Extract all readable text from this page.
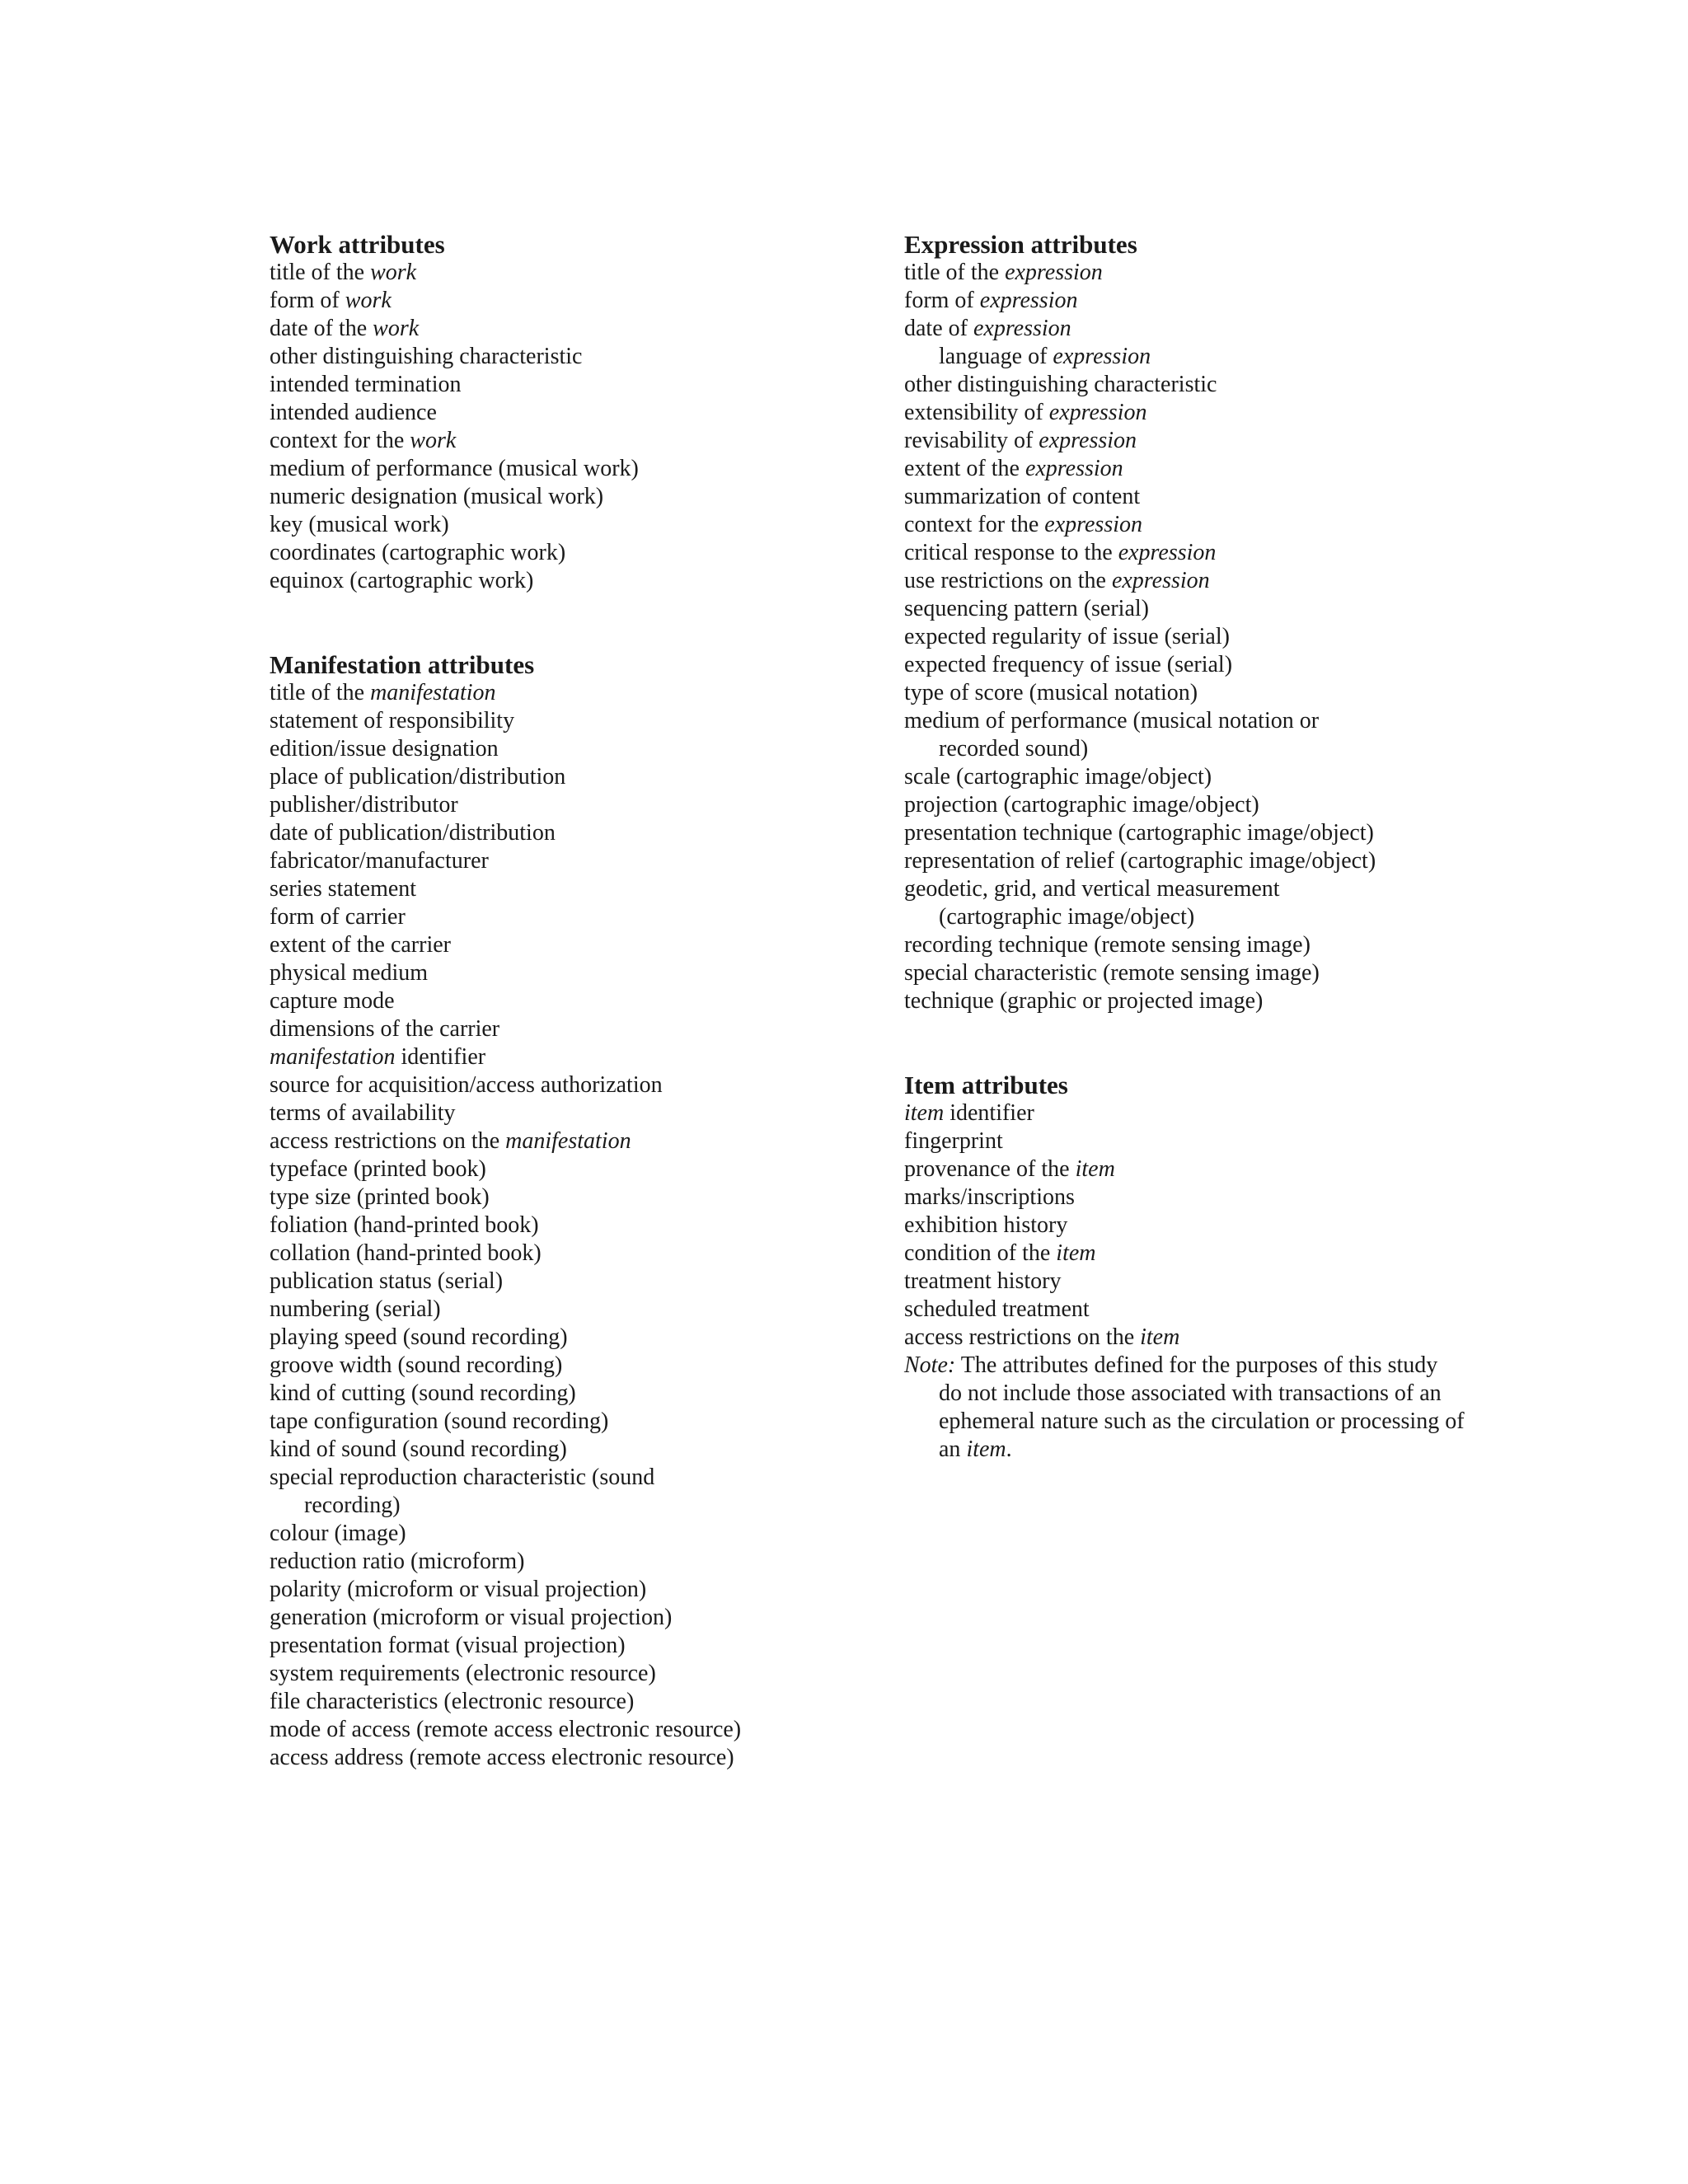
Work attributes
title of the work
form of work
date of the work
other distinguishing characteristic
intended termination
intended audience
context for the work
medium of performance (musical work)
numeric designation (musical work)
key (musical work)
coordinates (cartographic work)
equinox (cartographic work)
Manifestation attributes
title of the manifestation
statement of responsibility
edition/issue designation
place of publication/distribution
publisher/distributor
date of publication/distribution
fabricator/manufacturer
series statement
form of carrier
extent of the carrier
physical medium
capture mode
dimensions of the carrier
manifestation identifier
source for acquisition/access authorization
terms of availability
access restrictions on the manifestation
typeface (printed book)
type size (printed book)
foliation (hand-printed book)
collation (hand-printed book)
publication status (serial)
numbering (serial)
playing speed (sound recording)
groove width (sound recording)
kind of cutting (sound recording)
tape configuration (sound recording)
kind of sound (sound recording)
special reproduction characteristic (sound recording)
colour (image)
reduction ratio (microform)
polarity (microform or visual projection)
generation (microform or visual projection)
presentation format (visual projection)
system requirements (electronic resource)
file characteristics (electronic resource)
mode of access (remote access electronic resource)
access address (remote access electronic resource)
Expression attributes
title of the expression
form of expression
date of expression
language of expression
other distinguishing characteristic
extensibility of expression
revisability of expression
extent of the expression
summarization of content
context for the expression
critical response to the expression
use restrictions on the expression
sequencing pattern (serial)
expected regularity of issue (serial)
expected frequency of issue (serial)
type of score (musical notation)
medium of performance (musical notation or recorded sound)
scale (cartographic image/object)
projection (cartographic image/object)
presentation technique (cartographic image/object)
representation of relief (cartographic image/object)
geodetic, grid, and vertical measurement (cartographic image/object)
recording technique (remote sensing image)
special characteristic (remote sensing image)
technique (graphic or projected image)
Item attributes
item identifier
fingerprint
provenance of the item
marks/inscriptions
exhibition history
condition of the item
treatment history
scheduled treatment
access restrictions on the item
Note: The attributes defined for the purposes of this study do not include those associated with transactions of an ephemeral nature such as the circulation or processing of an item.
